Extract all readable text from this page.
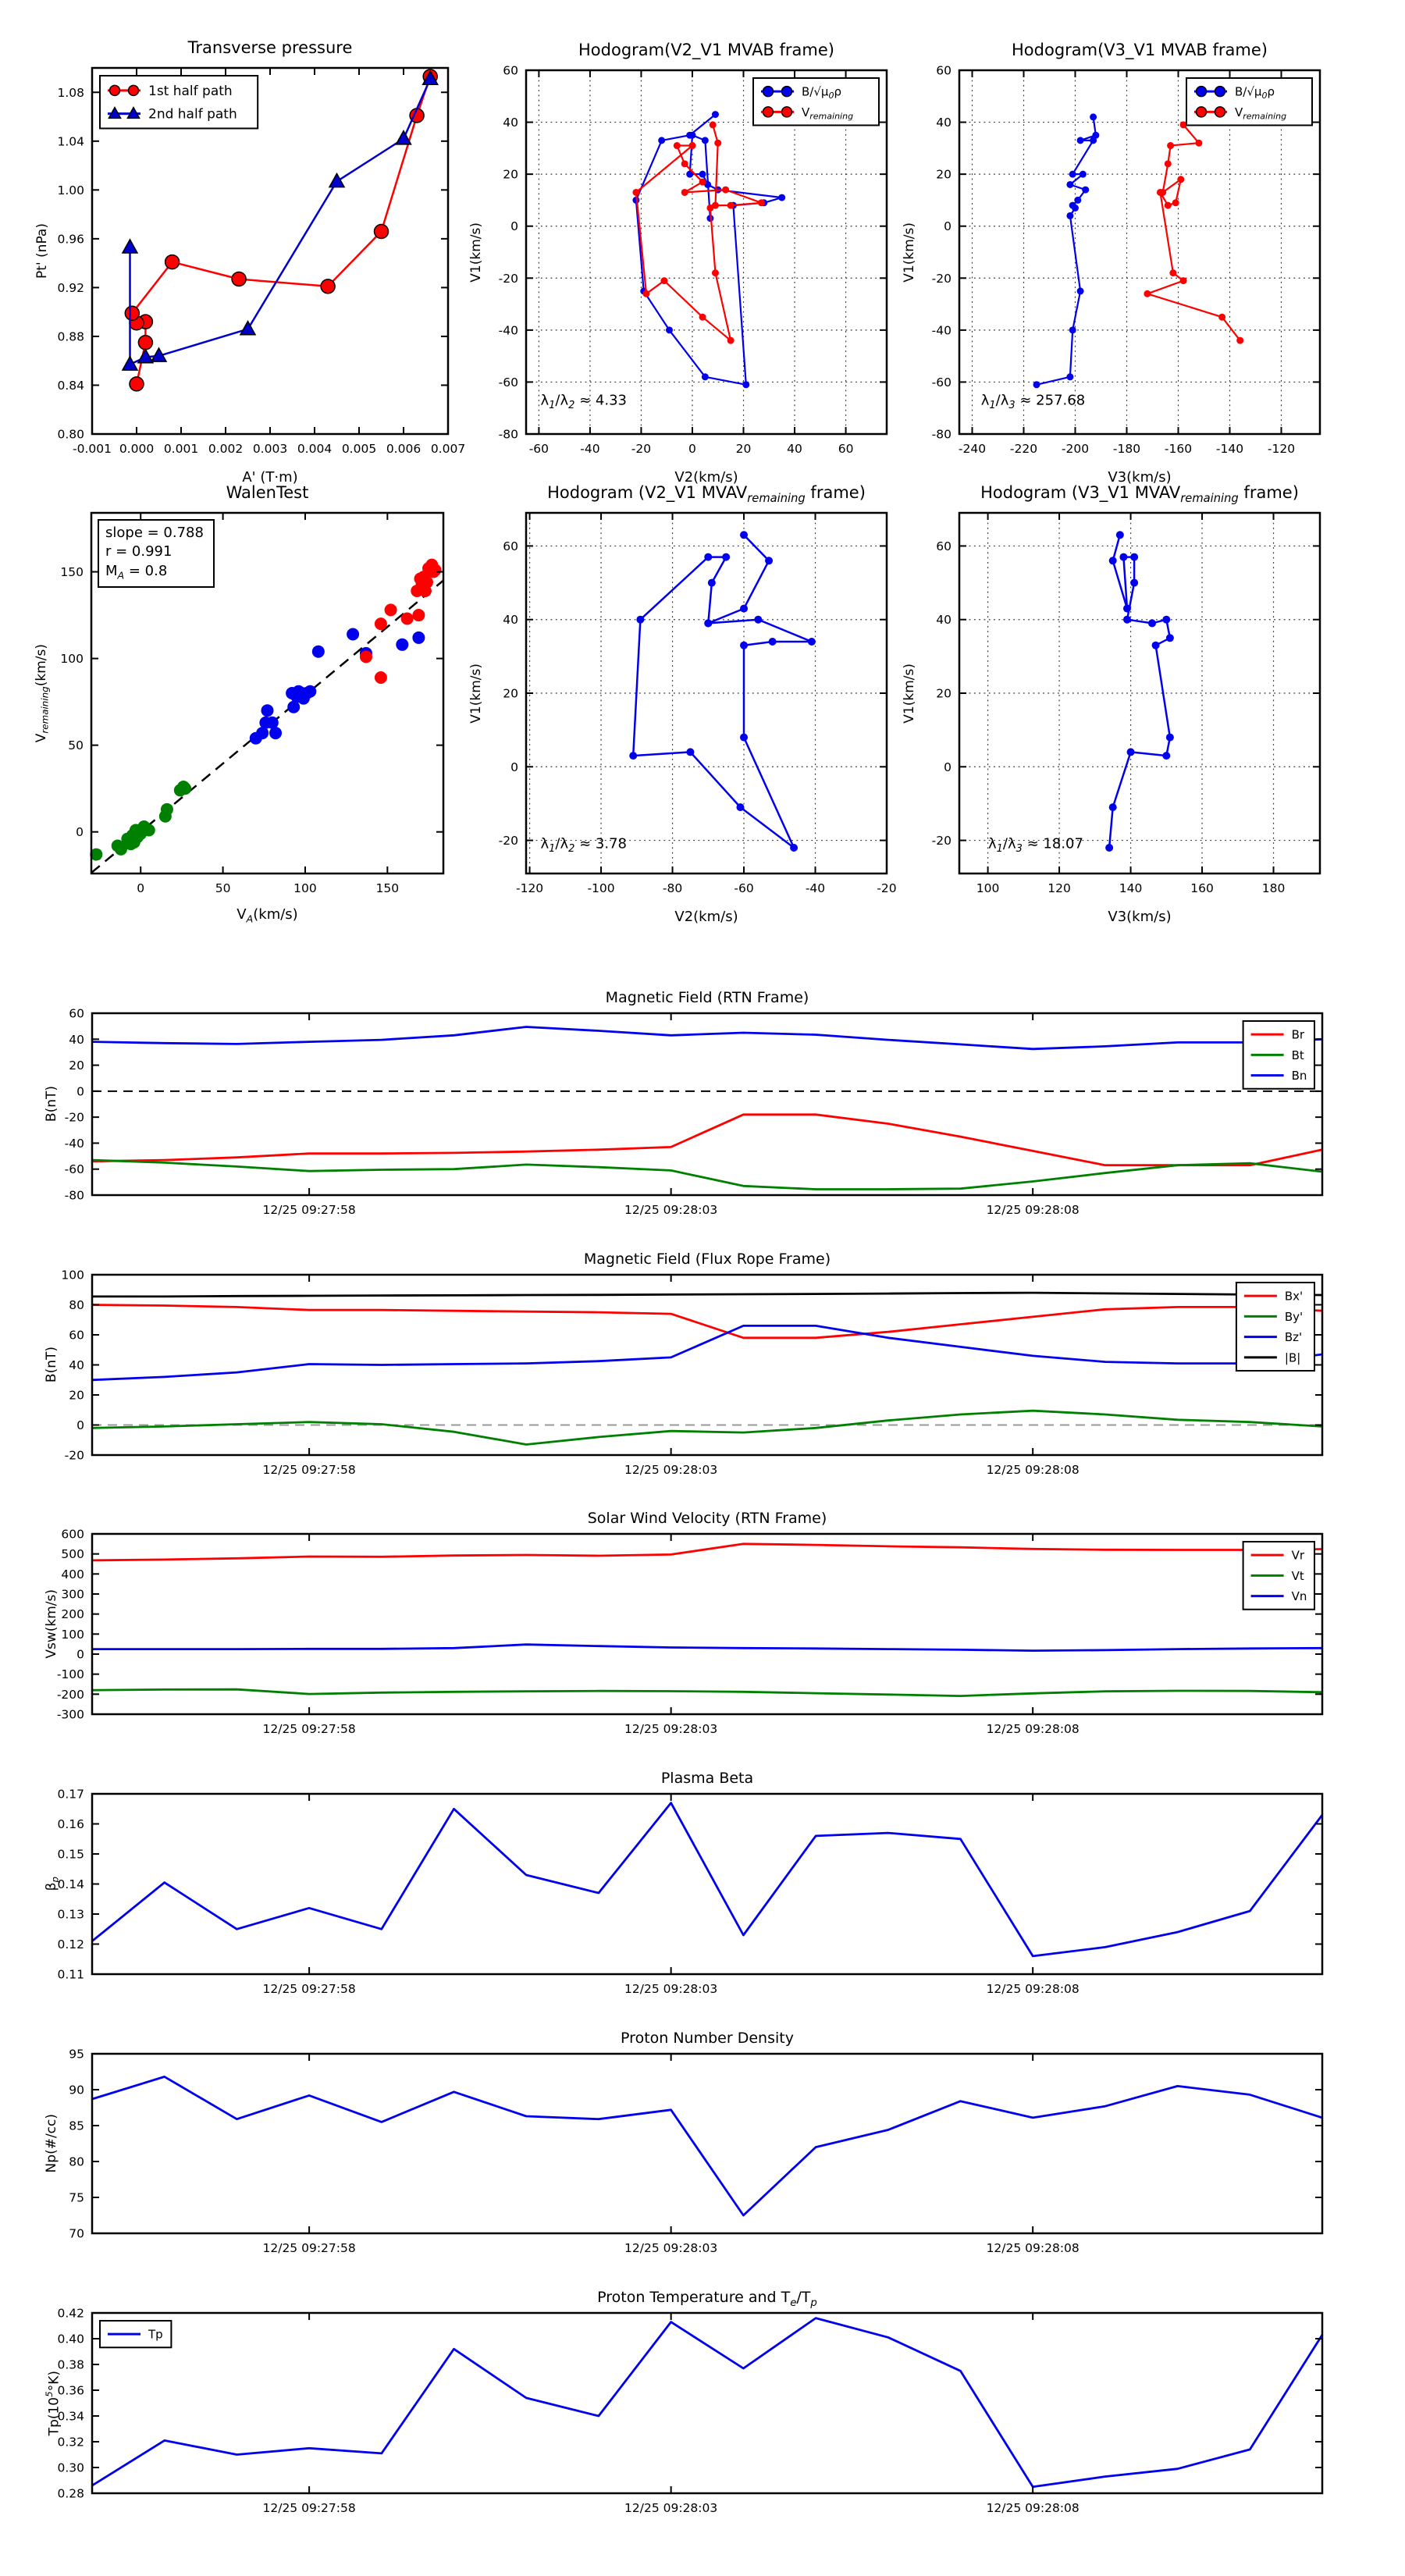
Transverse pressure
Pt' (nPa)
A' (T·m)
-0.001 0.000 0.001 0.002 0.003 0.004 0.005 0.006 0.007
0.80
0.84
0.88
0.92
0.96
1.00
1.04
1.08	1st half path
2nd half path
Hodogram(V2_V1 MVAB frame)
V1(km/s)
V2(km/s)
-60	-40	-20	0	20	40	60
-80
-60
-40
-20
0
20
40
60
$\lambda_1/\lambda_2 \approx 4.33$
$B/√\mu_0\rho$
$V_{remaining}$
Hodogram(V3_V1 MVAB frame)
V1(km/s)
V3(km/s)
-240 -220 -200 -180 -160 -140 -120
-80
-60
-40
-20
0
20
40
60
$\lambda_1/\lambda_3 \approx 257.68$
$B/√\mu_0\rho$
$V_{remaining}$
WalenTest
$V_{remaining}(km/s)$
$V_A(km/s)$
0	50	100	150
0
50
100
150
slope = 0.788
r = 0.991
$M_A = 0.8$
Hodogram (V2_V1 $MVAV_{remaining}$ frame)
V1(km/s)
V2(km/s)
-120	-100	-80	-60	-40	-20
-20
0
20
40
60
$\lambda_1/\lambda_2 \approx 3.78$
Hodogram (V3_V1 $MVAV_{remaining}$ frame)
V1(km/s)
V3(km/s)
100	120	140	160	180
-20
0
20
40
60
$\lambda_1/\lambda_3 \approx 18.07$
Magnetic Field (RTN Frame)
B(nT)
12/25 09:27:58	12/25 09:28:03	12/25 09:28:08
-80
-60
-40
-20
0
20
40
60
Br
Bt
Bn
Magnetic Field (Flux Rope Frame)
B(nT)
12/25 09:27:58	12/25 09:28:03	12/25 09:28:08
-20
0
20
40
60
80
100
Bx'
By'
Bz'
|B|
Solar Wind Velocity (RTN Frame)
Vsw(km/s)
12/25 09:27:58	12/25 09:28:03	12/25 09:28:08
-300
-200
-100
0
100
200
300
400
500
600
Vr
Vt
Vn
Plasma Beta
$\beta_p$
12/25 09:27:58	12/25 09:28:03	12/25 09:28:08
0.11
0.12
0.13
0.14
0.15
0.16
0.17
Proton Number Density
Np(#/cc)
12/25 09:27:58	12/25 09:28:03	12/25 09:28:08
70
75
80
85
90
95
Proton Temperature and $T_e/T_p$
$Tp(10^5^\circ K)$
12/25 09:27:58	12/25 09:28:03	12/25 09:28:08
0.28
0.30
0.32
0.34
0.36
0.38
0.40
0.42
Tp
